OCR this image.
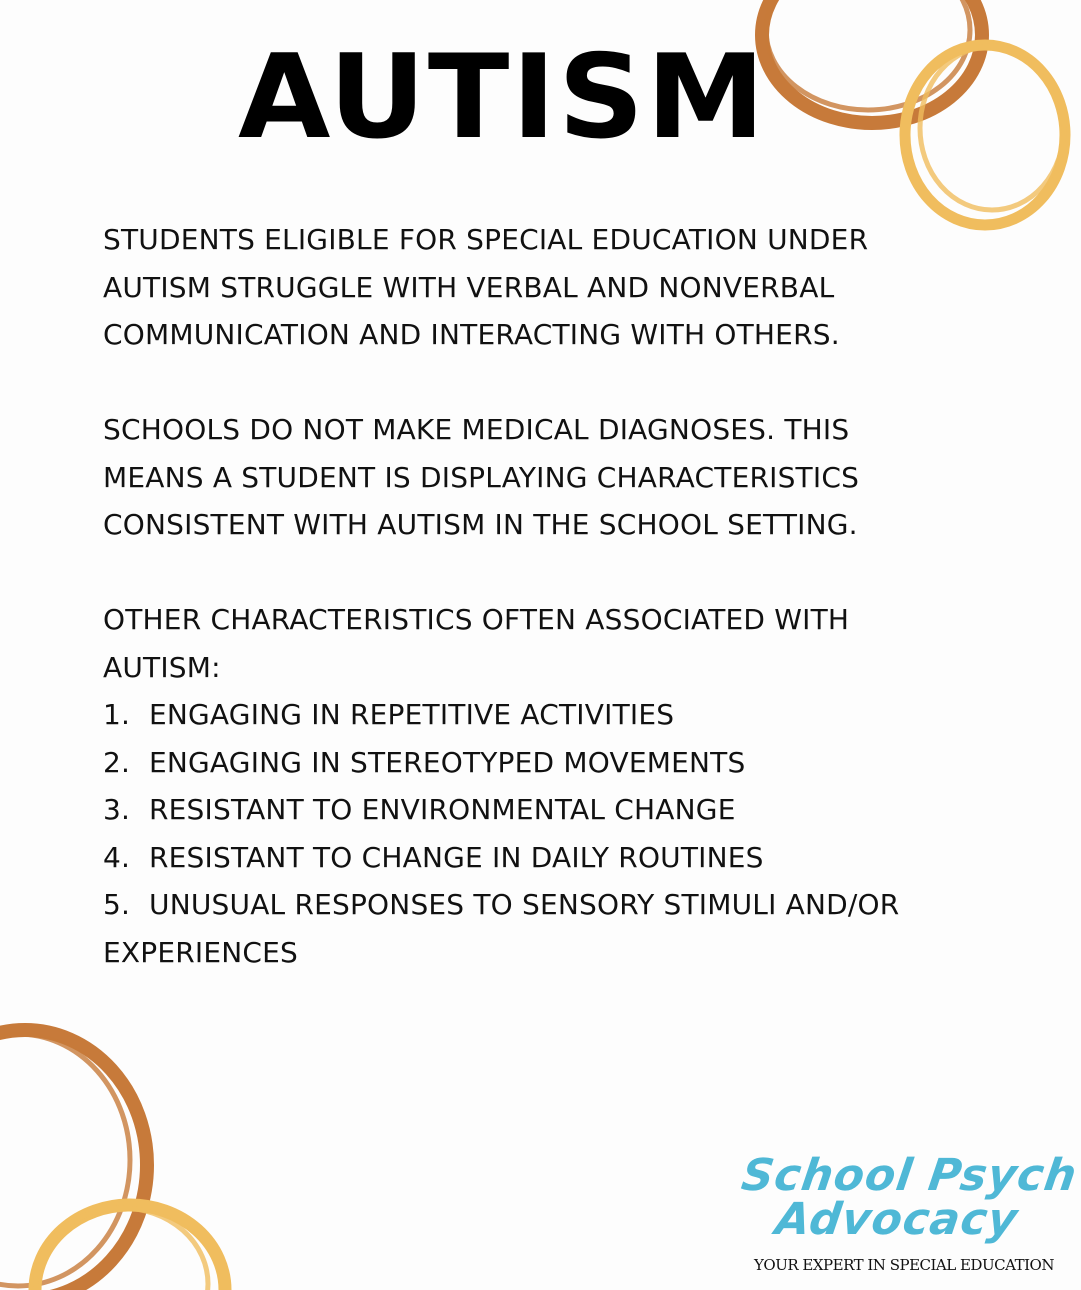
AUTISM
STUDENTS ELIGIBLE FOR SPECIAL EDUCATION UNDER
AUTISM STRUGGLE WITH VERBAL AND NONVERBAL
COMMUNICATION AND INTERACTING WITH OTHERS.
SCHOOLS DO NOT MAKE MEDICAL DIAGNOSES. THIS
MEANS A STUDENT IS DISPLAYING CHARACTERISTICS
CONSISTENT WITH AUTISM IN THE SCHOOL SETTING.
OTHER CHARACTERISTICS OFTEN ASSOCIATED WITH
AUTISM:
1. ENGAGING IN REPETITIVE ACTIVITIES
2. ENGAGING IN STEREOTYPED MOVEMENTS
3. RESISTANT TO ENVIRONMENTAL CHANGE
4. RESISTANT TO CHANGE IN DAILY ROUTINES
5. UNUSUAL RESPONSES TO SENSORY STIMULI AND/OR
EXPERIENCES
School Psych
Advocacy
YOUR EXPERT IN SPECIAL EDUCATION
